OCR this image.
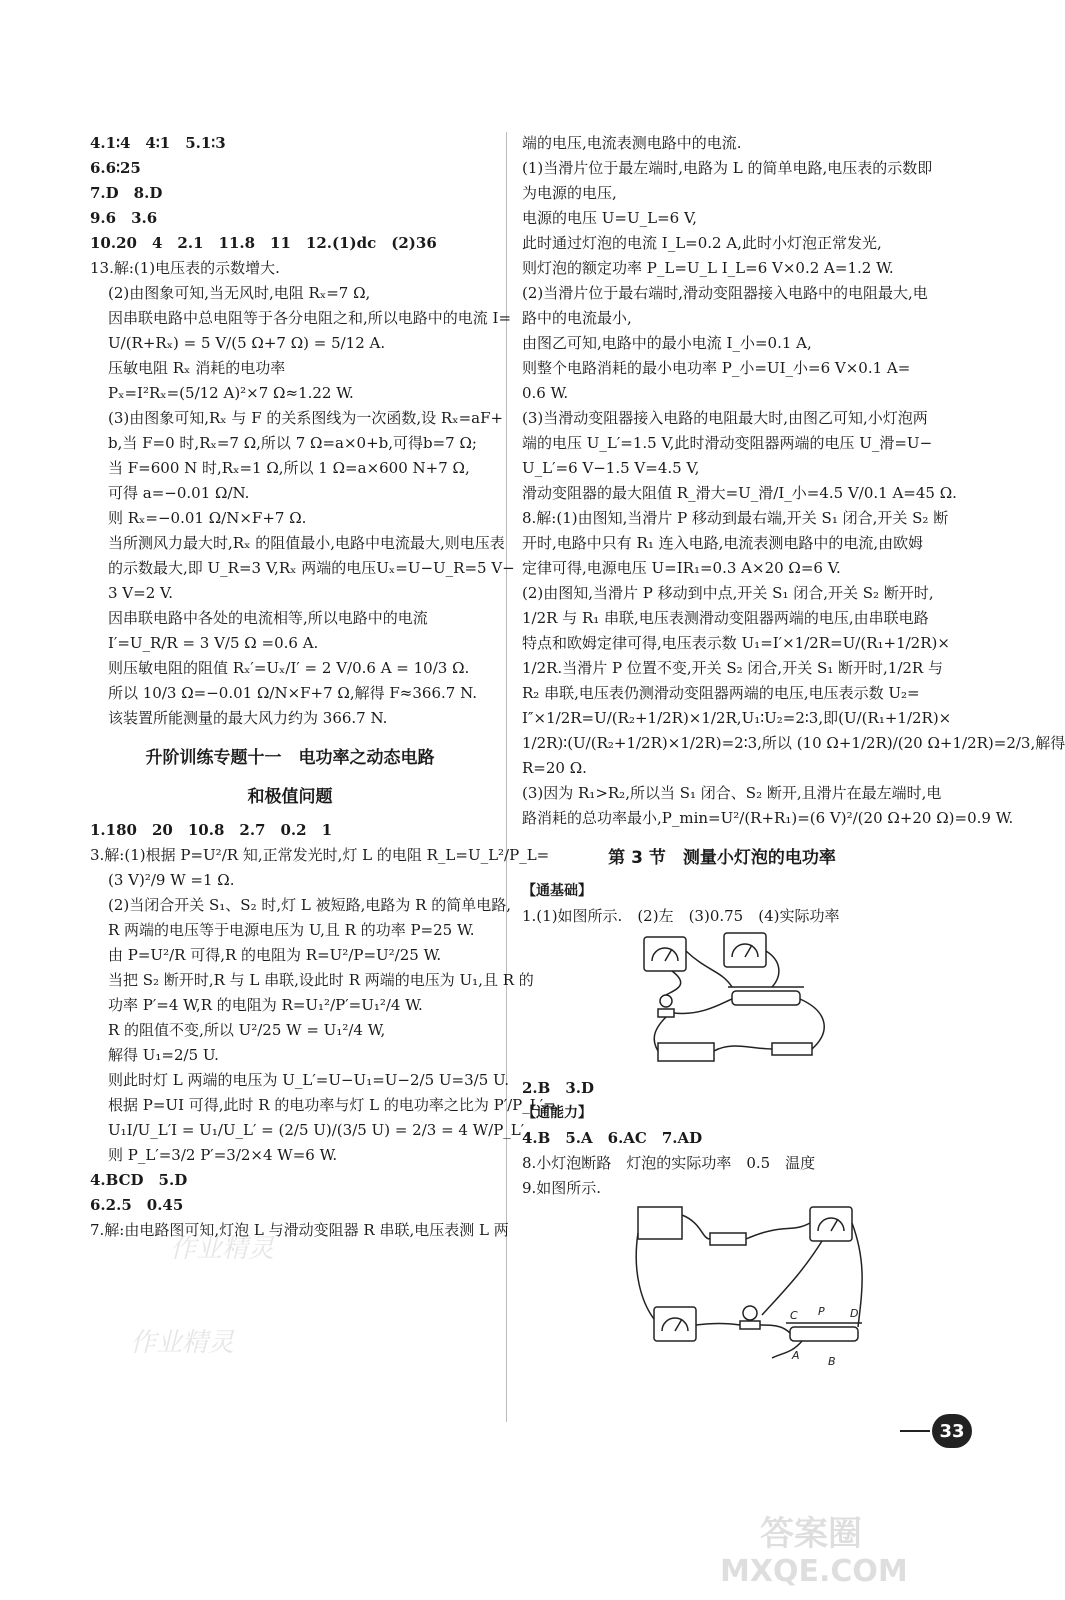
4.1∶4　4∶1　5.1∶3
6.6∶25
7.D　8.D
9.6　3.6
10.20　4　2.1　11.8　11　12.(1)dc　(2)36
13.解:(1)电压表的示数增大.
(2)由图象可知,当无风时,电阻 Rₓ=7 Ω,
因串联电路中总电阻等于各分电阻之和,所以电路中的电流 I=
U/(R+Rₓ) = 5 V/(5 Ω+7 Ω) = 5/12 A.
压敏电阻 Rₓ 消耗的电功率
Pₓ=I²Rₓ=(5/12 A)²×7 Ω≈1.22 W.
(3)由图象可知,Rₓ 与 F 的关系图线为一次函数,设 Rₓ=aF+
b,当 F=0 时,Rₓ=7 Ω,所以 7 Ω=a×0+b,可得b=7 Ω;
当 F=600 N 时,Rₓ=1 Ω,所以 1 Ω=a×600 N+7 Ω,
可得 a=−0.01 Ω/N.
则 Rₓ=−0.01 Ω/N×F+7 Ω.
当所测风力最大时,Rₓ 的阻值最小,电路中电流最大,则电压表
的示数最大,即 U_R=3 V,Rₓ 两端的电压Uₓ=U−U_R=5 V−
3 V=2 V.
因串联电路中各处的电流相等,所以电路中的电流
I′=U_R/R = 3 V/5 Ω =0.6 A.
则压敏电阻的阻值 Rₓ′=Uₓ/I′ = 2 V/0.6 A = 10/3 Ω.
所以 10/3 Ω=−0.01 Ω/N×F+7 Ω,解得 F≈366.7 N.
该装置所能测量的最大风力约为 366.7 N.
升阶训练专题十一　电功率之动态电路
和极值问题
1.180　20　10.8　2.7　0.2　1
3.解:(1)根据 P=U²/R 知,正常发光时,灯 L 的电阻 R_L=U_L²/P_L=
(3 V)²/9 W =1 Ω.
(2)当闭合开关 S₁、S₂ 时,灯 L 被短路,电路为 R 的简单电路,
R 两端的电压等于电源电压为 U,且 R 的功率 P=25 W.
由 P=U²/R 可得,R 的电阻为 R=U²/P=U²/25 W.
当把 S₂ 断开时,R 与 L 串联,设此时 R 两端的电压为 U₁,且 R 的
功率 P′=4 W,R 的电阻为 R=U₁²/P′=U₁²/4 W.
R 的阻值不变,所以 U²/25 W = U₁²/4 W,
解得 U₁=2/5 U.
则此时灯 L 两端的电压为 U_L′=U−U₁=U−2/5 U=3/5 U.
根据 P=UI 可得,此时 R 的电功率与灯 L 的电功率之比为 P′/P_L′=
U₁I/U_L′I = U₁/U_L′ = (2/5 U)/(3/5 U) = 2/3 = 4 W/P_L′,
则 P_L′=3/2 P′=3/2×4 W=6 W.
4.BCD　5.D
6.2.5　0.45
7.解:由电路图可知,灯泡 L 与滑动变阻器 R 串联,电压表测 L 两
端的电压,电流表测电路中的电流.
(1)当滑片位于最左端时,电路为 L 的简单电路,电压表的示数即
为电源的电压,
电源的电压 U=U_L=6 V,
此时通过灯泡的电流 I_L=0.2 A,此时小灯泡正常发光,
则灯泡的额定功率 P_L=U_L I_L=6 V×0.2 A=1.2 W.
(2)当滑片位于最右端时,滑动变阻器接入电路中的电阻最大,电
路中的电流最小,
由图乙可知,电路中的最小电流 I_小=0.1 A,
则整个电路消耗的最小电功率 P_小=UI_小=6 V×0.1 A=
0.6 W.
(3)当滑动变阻器接入电路的电阻最大时,由图乙可知,小灯泡两
端的电压 U_L′=1.5 V,此时滑动变阻器两端的电压 U_滑=U−
U_L′=6 V−1.5 V=4.5 V,
滑动变阻器的最大阻值 R_滑大=U_滑/I_小=4.5 V/0.1 A=45 Ω.
8.解:(1)由图知,当滑片 P 移动到最右端,开关 S₁ 闭合,开关 S₂ 断
开时,电路中只有 R₁ 连入电路,电流表测电路中的电流,由欧姆
定律可得,电源电压 U=IR₁=0.3 A×20 Ω=6 V.
(2)由图知,当滑片 P 移动到中点,开关 S₁ 闭合,开关 S₂ 断开时,
1/2R 与 R₁ 串联,电压表测滑动变阻器两端的电压,由串联电路
特点和欧姆定律可得,电压表示数 U₁=I′×1/2R=U/(R₁+1/2R)×
1/2R.当滑片 P 位置不变,开关 S₂ 闭合,开关 S₁ 断开时,1/2R 与
R₂ 串联,电压表仍测滑动变阻器两端的电压,电压表示数 U₂=
I″×1/2R=U/(R₂+1/2R)×1/2R,U₁∶U₂=2∶3,即(U/(R₁+1/2R)×
1/2R)∶(U/(R₂+1/2R)×1/2R)=2∶3,所以 (10 Ω+1/2R)/(20 Ω+1/2R)=2/3,解得
R=20 Ω.
(3)因为 R₁>R₂,所以当 S₁ 闭合、S₂ 断开,且滑片在最左端时,电
路消耗的总功率最小,P_min=U²/(R+R₁)=(6 V)²/(20 Ω+20 Ω)=0.9 W.
第 3 节　测量小灯泡的电功率
【通基础】
1.(1)如图所示.　(2)左　(3)0.75　(4)实际功率
2.B　3.D
【通能力】
4.B　5.A　6.AC　7.AD
8.小灯泡断路　灯泡的实际功率　0.5　温度
9.如图所示.
C P D
A	B
33
作业精灵
作业精灵
答案圈
MXQE.COM
